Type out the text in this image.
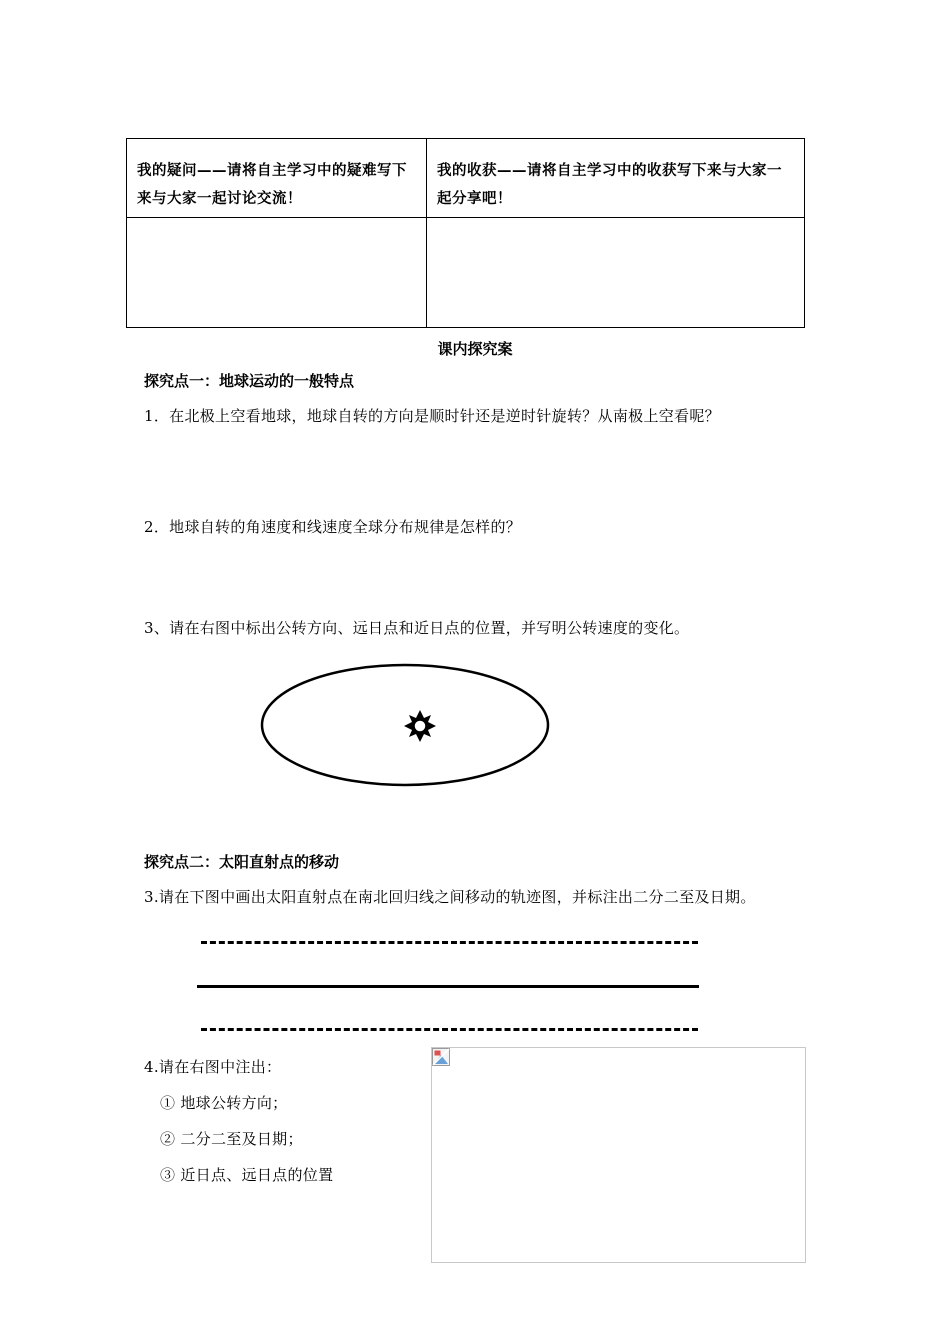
我的疑问——请将自主学习中的疑难写下来与大家一起讨论交流！	我的收获——请将自主学习中的收获写下来与大家一起分享吧！

课内探究案
探究点一：地球运动的一般特点
1．在北极上空看地球，地球自转的方向是顺时针还是逆时针旋转？从南极上空看呢？
2．地球自转的角速度和线速度全球分布规律是怎样的？
3、请在右图中标出公转方向、远日点和近日点的位置，并写明公转速度的变化。
探究点二：太阳直射点的移动
3.请在下图中画出太阳直射点在南北回归线之间移动的轨迹图，并标注出二分二至及日期。
4.请在右图中注出：
① 地球公转方向；
② 二分二至及日期；
③ 近日点、远日点的位置
